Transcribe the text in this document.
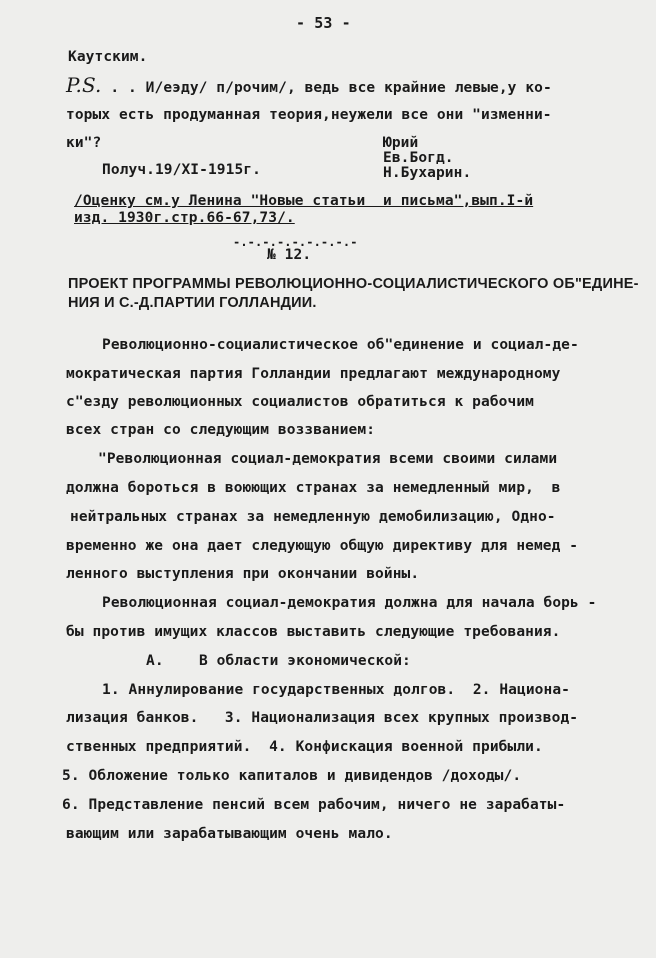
- 53 -
Каутским.
P.S. . . И/еэду/ п/рочим/, ведь все крайние левые,у ко-
торых есть продуманная теория,неужели все они "изменни-
ки"?	Юрий
Ев.Богд.
Н.Бухарин.
Получ.19/XI-1915г.
/Оценку см.у Ленина "Новые статьи  и письма",вып.I-й
изд. 1930г.стр.66-67,73/.
-.-.-.-.-.-.-.-.-
№ 12.
ПРОЕКТ ПРОГРАММЫ РЕВОЛЮЦИОННО-СОЦИАЛИСТИЧЕСКОГО ОБ"ЕДИНЕ-
НИЯ И С.-Д.ПАРТИИ ГОЛЛАНДИИ.
Революционно-социалистическое об"единение и социал-де-
мократическая партия Голландии предлагают международному
с"езду революционных социалистов обратиться к рабочим
всех стран со следующим воззванием:
"Революционная социал-демократия всеми своими силами
должна бороться в воюющих странах за немедленный мир,  в
нейтральных странах за немедленную демобилизацию, Одно-
временно же она дает следующую общую директиву для немед -
ленного выступления при окончании войны.
Революционная социал-демократия должна для начала борь -
бы против имущих классов выставить следующие требования.
А.    В области экономической:
1. Аннулирование государственных долгов.  2. Национа-
лизация банков.   3. Национализация всех крупных производ-
ственных предприятий.  4. Конфискация военной прибыли.
5. Обложение только капиталов и дивидендов /доходы/.
6. Представление пенсий всем рабочим, ничего не зарабаты-
вающим или зарабатывающим очень мало.
